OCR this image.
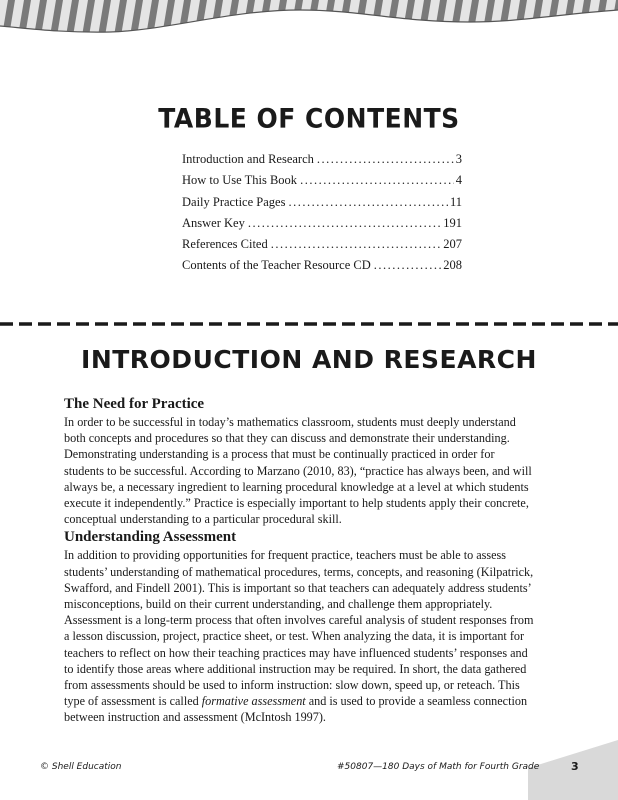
TABLE OF CONTENTS
Introduction and Research .....	3
How to Use This Book .....	4
Daily Practice Pages .....	11
Answer Key .....	191
References Cited .....	207
Contents of the Teacher Resource CD .....	208
INTRODUCTION AND RESEARCH
The Need for Practice

In order to be successful in today’s mathematics classroom, students must deeply understand both concepts and procedures so that they can discuss and demonstrate their understanding. Demonstrating understanding is a process that must be continually practiced in order for students to be successful. According to Marzano (2010, 83), “practice has always been, and will always be, a necessary ingredient to learning procedural knowledge at a level at which students execute it independently.” Practice is especially important to help students apply their concrete, conceptual understanding to a particular procedural skill.

Understanding Assessment

In addition to providing opportunities for frequent practice, teachers must be able to assess students’ understanding of mathematical procedures, terms, concepts, and reasoning (Kilpatrick, Swafford, and Findell 2001). This is important so that teachers can adequately address students’ misconceptions, build on their current understanding, and challenge them appropriately.

Assessment is a long-term process that often involves careful analysis of student responses from a lesson discussion, project, practice sheet, or test. When analyzing the data, it is important for teachers to reflect on how their teaching practices may have influenced students’ responses and to identify those areas where additional instruction may be required. In short, the data gathered from assessments should be used to inform instruction: slow down, speed up, or reteach. This type of assessment is called formative assessment and is used to provide a seamless connection between instruction and assessment (McIntosh 1997).

© Shell Education	#50807—180 Days of Math for Fourth Grade	3
